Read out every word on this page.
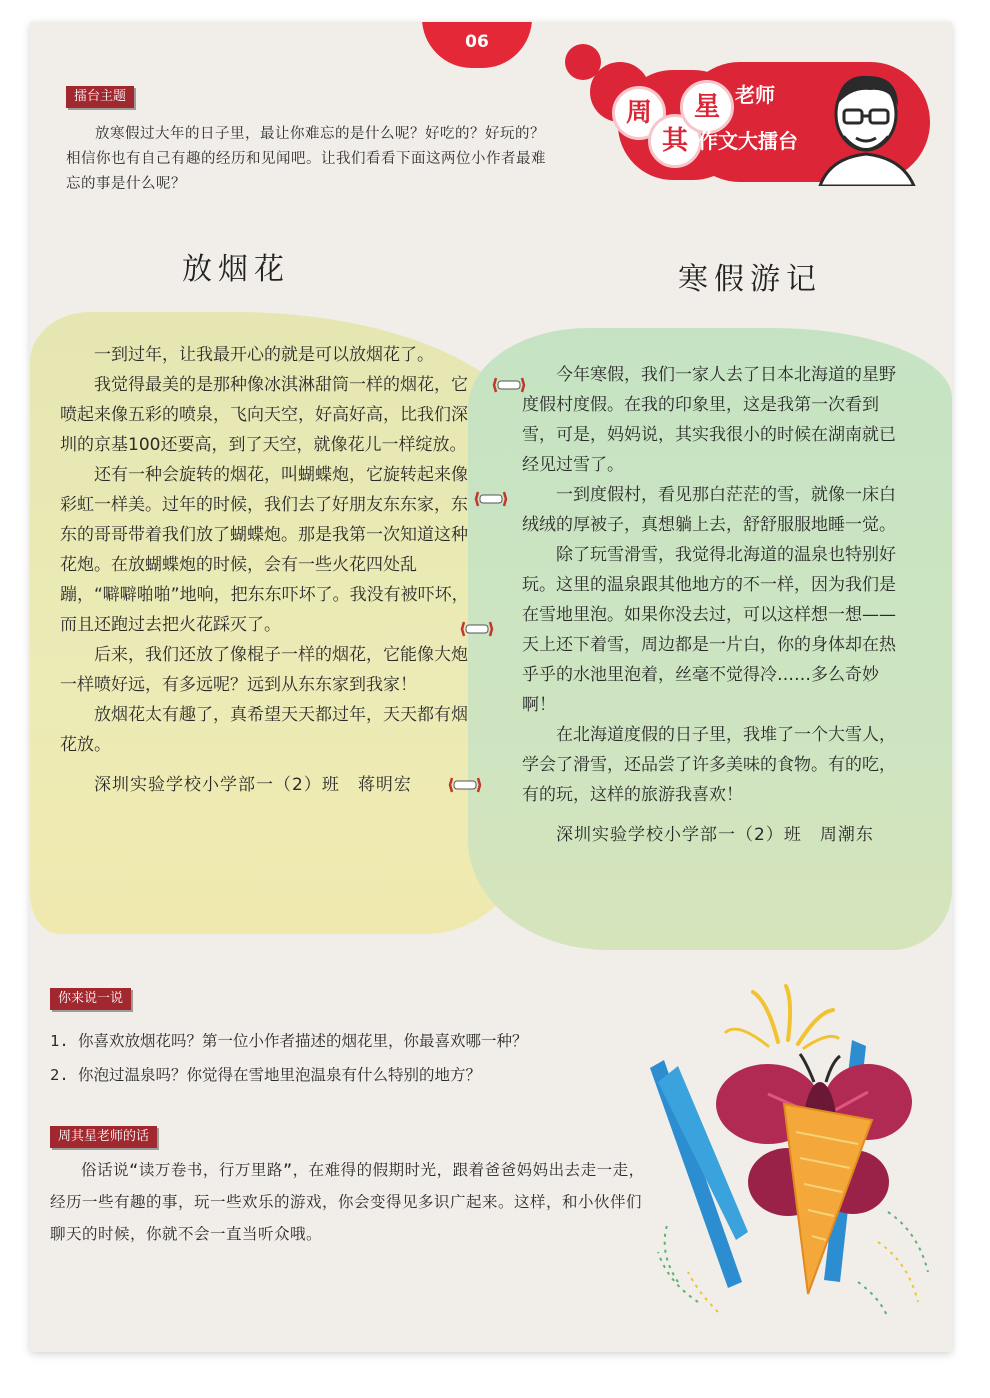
06
周
其
星 老师
作文大擂台
擂台主题
放寒假过大年的日子里，最让你难忘的是什么呢？好吃的？好玩的？相信你也有自己有趣的经历和见闻吧。让我们看看下面这两位小作者最难忘的事是什么呢？
放烟花	寒假游记

一到过年，让我最开心的就是可以放烟花了。

我觉得最美的是那种像冰淇淋甜筒一样的烟花，它喷起来像五彩的喷泉，飞向天空，好高好高，比我们深圳的京基100还要高，到了天空，就像花儿一样绽放。

还有一种会旋转的烟花，叫蝴蝶炮，它旋转起来像彩虹一样美。过年的时候，我们去了好朋友东东家，东东的哥哥带着我们放了蝴蝶炮。那是我第一次知道这种花炮。在放蝴蝶炮的时候，会有一些火花四处乱蹦，“噼噼啪啪”地响，把东东吓坏了。我没有被吓坏，而且还跑过去把火花踩灭了。

后来，我们还放了像棍子一样的烟花，它能像大炮一样喷好远，有多远呢？远到从东东家到我家！

放烟花太有趣了，真希望天天都过年，天天都有烟花放。

深圳实验学校小学部一（2）班　蒋明宏

今年寒假，我们一家人去了日本北海道的星野度假村度假。在我的印象里，这是我第一次看到雪，可是，妈妈说，其实我很小的时候在湖南就已经见过雪了。

一到度假村，看见那白茫茫的雪，就像一床白绒绒的厚被子，真想躺上去，舒舒服服地睡一觉。

除了玩雪滑雪，我觉得北海道的温泉也特别好玩。这里的温泉跟其他地方的不一样，因为我们是在雪地里泡。如果你没去过，可以这样想一想——天上还下着雪，周边都是一片白，你的身体却在热乎乎的水池里泡着，丝毫不觉得冷……多么奇妙啊！

在北海道度假的日子里，我堆了一个大雪人，学会了滑雪，还品尝了许多美味的食物。有的吃，有的玩，这样的旅游我喜欢！

深圳实验学校小学部一（2）班　周潮东

你来说一说
1. 你喜欢放烟花吗？第一位小作者描述的烟花里，你最喜欢哪一种？
2. 你泡过温泉吗？你觉得在雪地里泡温泉有什么特别的地方？
周其星老师的话
俗话说“读万卷书，行万里路”，在难得的假期时光，跟着爸爸妈妈出去走一走，经历一些有趣的事，玩一些欢乐的游戏，你会变得见多识广起来。这样，和小伙伴们聊天的时候，你就不会一直当听众哦。
